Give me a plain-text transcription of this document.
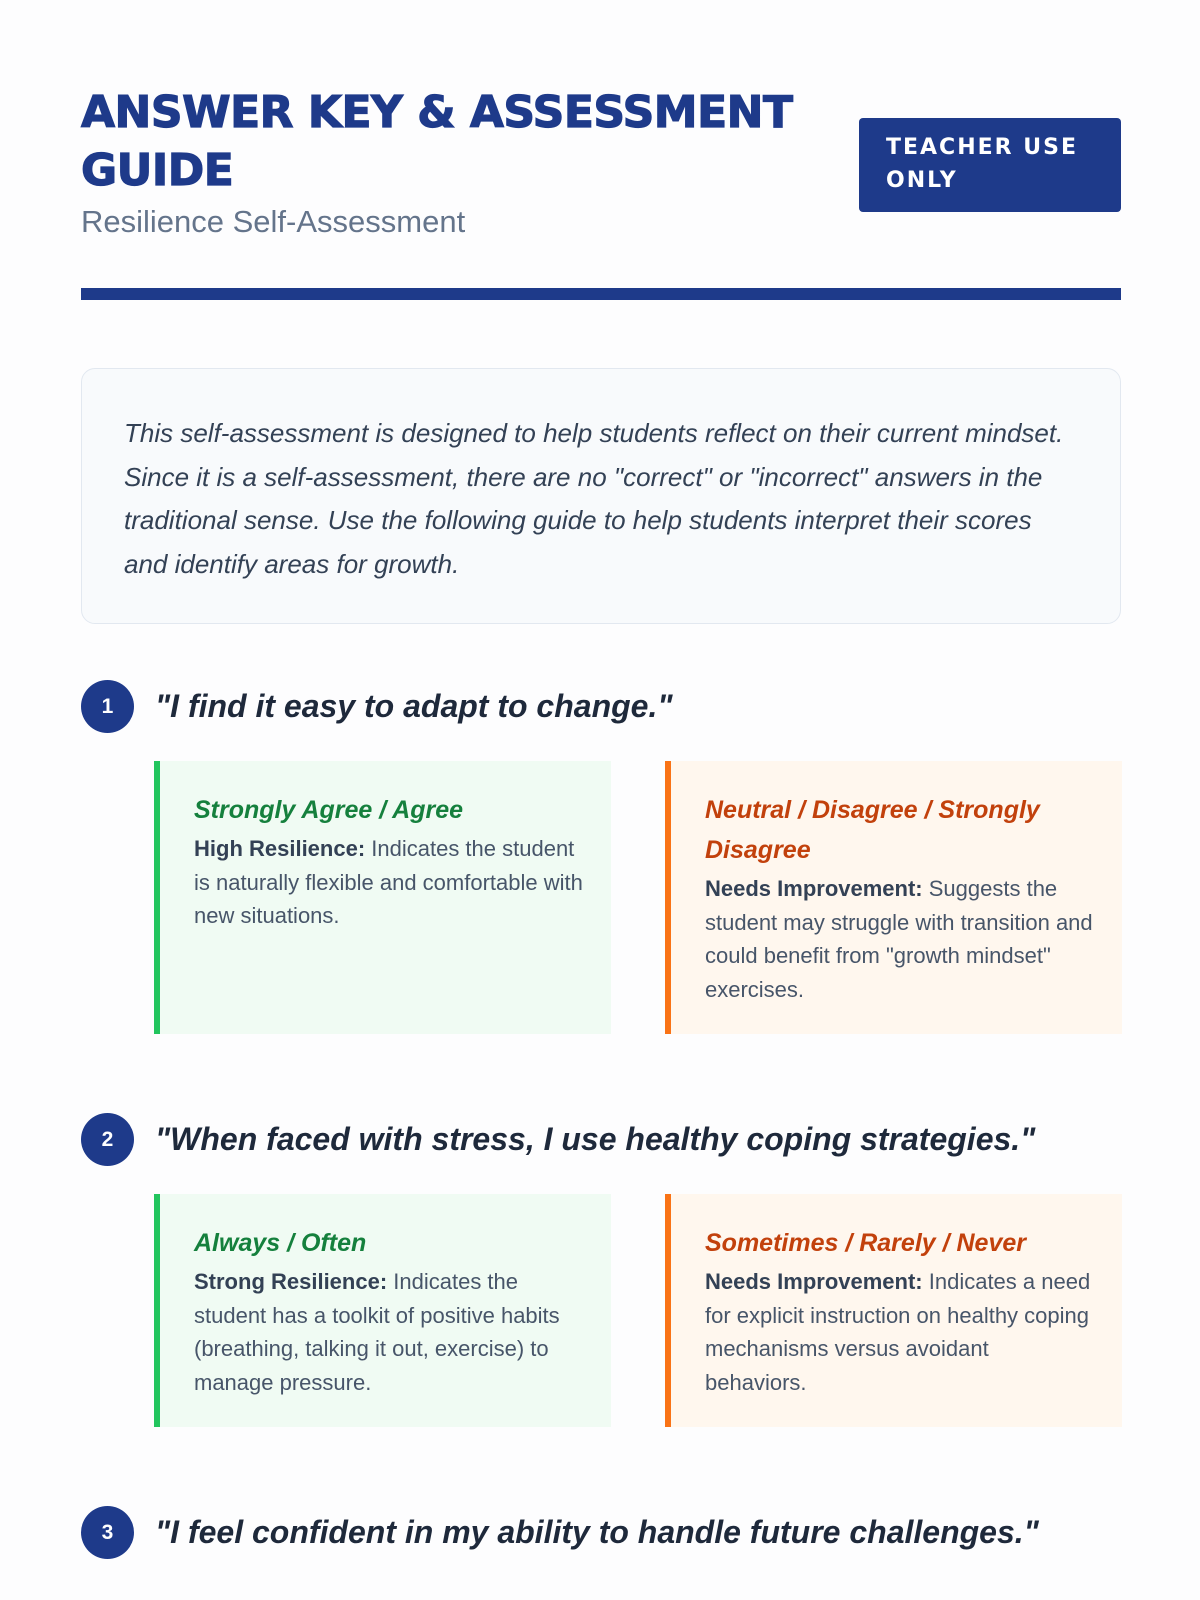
ANSWER KEY & ASSESSMENT GUIDE
Resilience Self-Assessment
TEACHER USE ONLY

This self-assessment is designed to help students reflect on their current mindset. Since it is a self-assessment, there are no "correct" or "incorrect" answers in the traditional sense. Use the following guide to help students interpret their scores and identify areas for growth.

1	"I find it easy to adapt to change."
Strongly Agree / Agree
High Resilience: Indicates the student is naturally flexible and comfortable with new situations.
Neutral / Disagree / Strongly Disagree
Needs Improvement: Suggests the student may struggle with transition and could benefit from "growth mindset" exercises.
2	"When faced with stress, I use healthy coping strategies."
Always / Often
Strong Resilience: Indicates the student has a toolkit of positive habits (breathing, talking it out, exercise) to manage pressure.
Sometimes / Rarely / Never
Needs Improvement: Indicates a need for explicit instruction on healthy coping mechanisms versus avoidant behaviors.
3	"I feel confident in my ability to handle future challenges."
